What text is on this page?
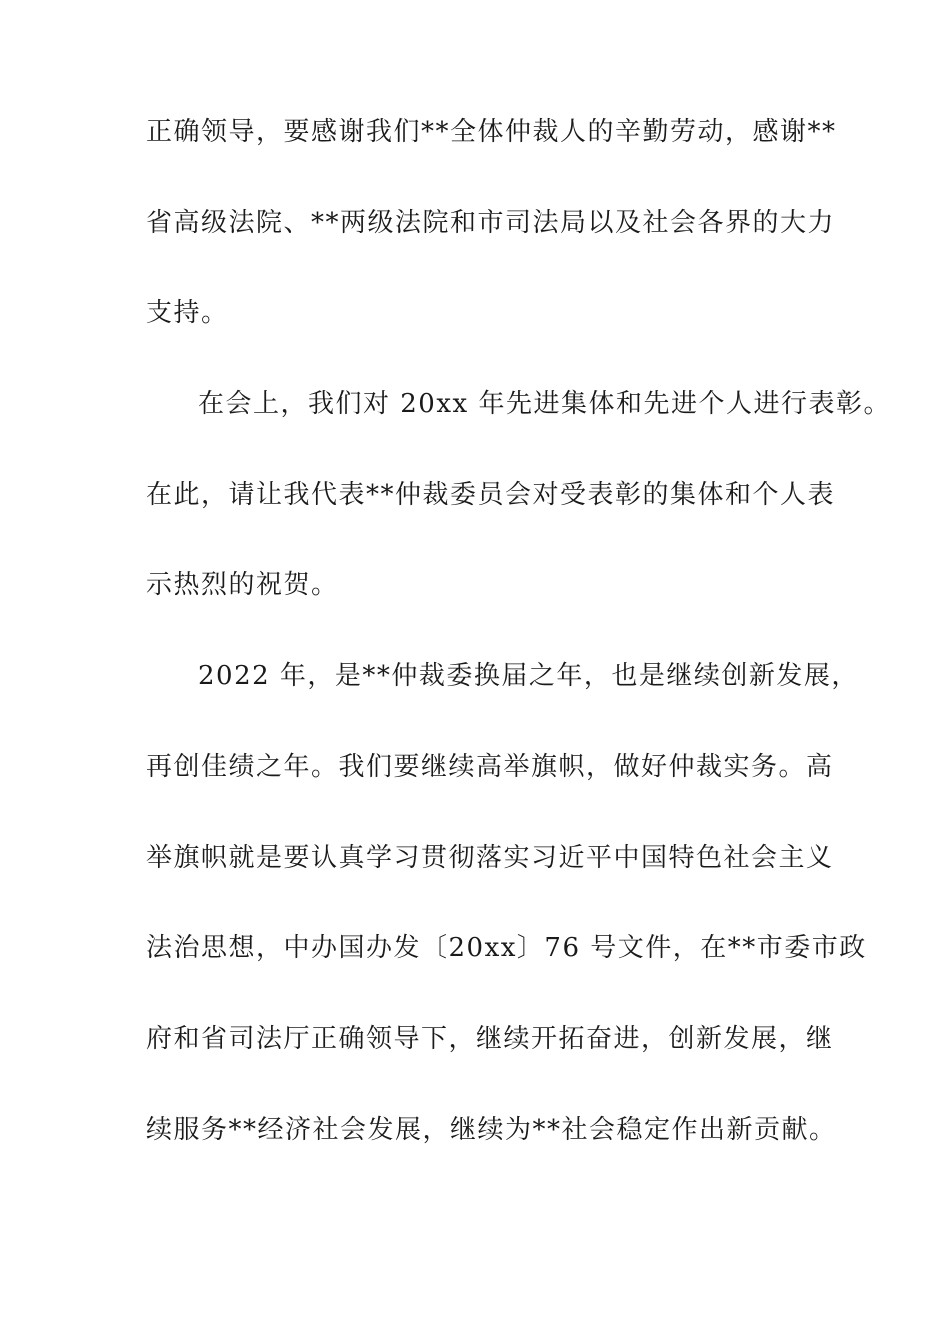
正确领导，要感谢我们**全体仲裁人的辛勤劳动，感谢**
省高级法院、**两级法院和市司法局以及社会各界的大力
支持。
在会上，我们对 20xx 年先进集体和先进个人进行表彰。
在此，请让我代表**仲裁委员会对受表彰的集体和个人表
示热烈的祝贺。
2022 年，是**仲裁委换届之年，也是继续创新发展，
再创佳绩之年。我们要继续高举旗帜，做好仲裁实务。高
举旗帜就是要认真学习贯彻落实习近平中国特色社会主义
法治思想，中办国办发〔20xx〕76 号文件，在**市委市政
府和省司法厅正确领导下，继续开拓奋进，创新发展，继
续服务**经济社会发展，继续为**社会稳定作出新贡献。
